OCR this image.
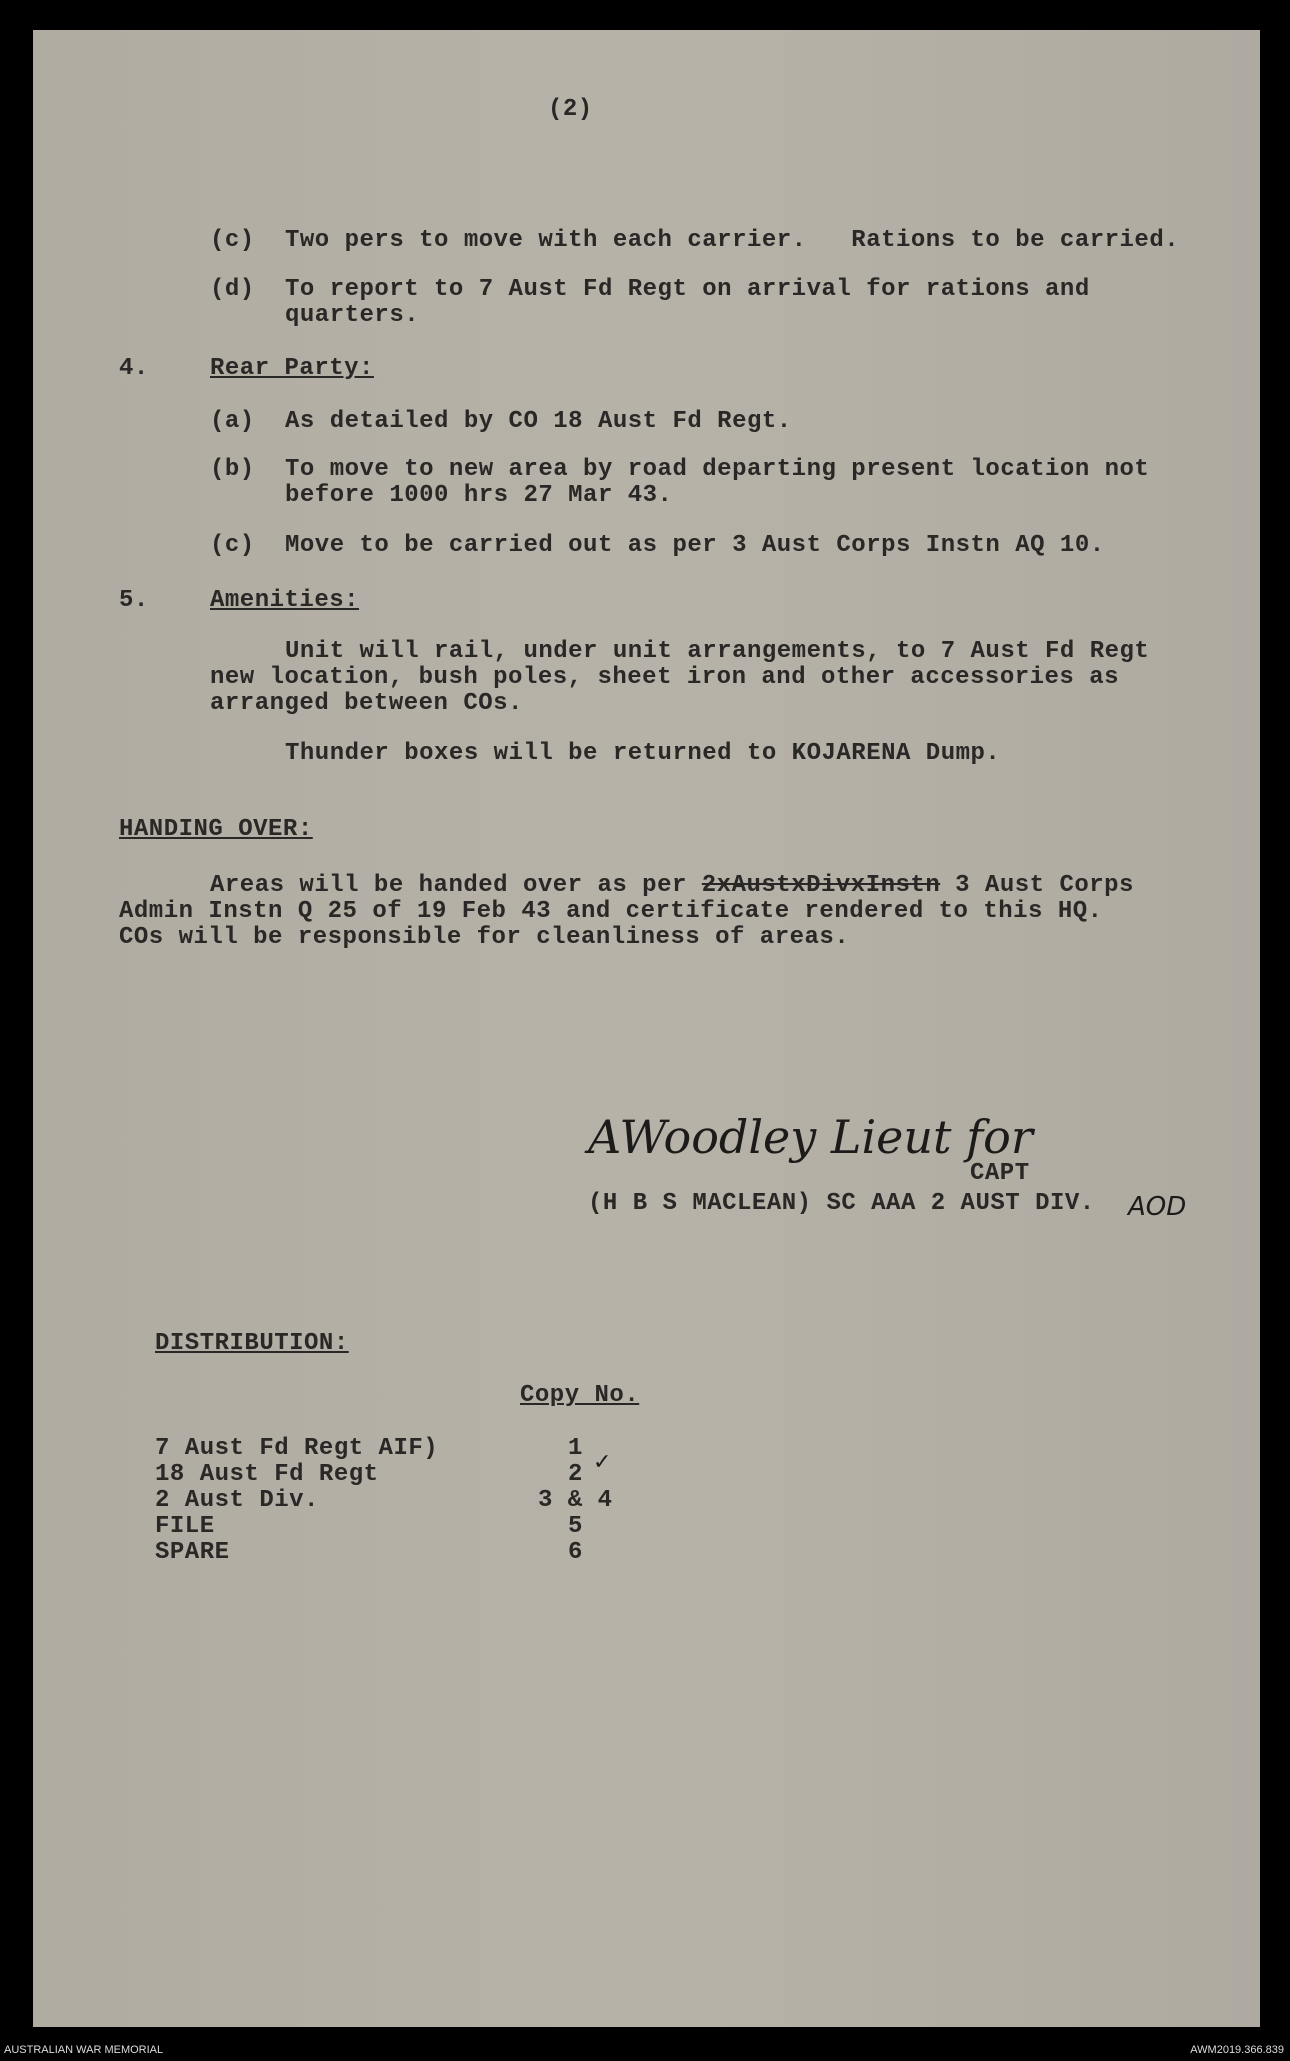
(2)
(c) Two pers to move with each carrier.   Rations to be carried.
(d) To report to 7 Aust Fd Regt on arrival for rations and
quarters.
4.	Rear Party:
(a) As detailed by CO 18 Aust Fd Regt.
(b) To move to new area by road departing present location not
before 1000 hrs 27 Mar 43.
(c) Move to be carried out as per 3 Aust Corps Instn AQ 10.
5.	Amenities:
Unit will rail, under unit arrangements, to 7 Aust Fd Regt
new location, bush poles, sheet iron and other accessories as
arranged between COs.
Thunder boxes will be returned to KOJARENA Dump.
HANDING OVER:
Areas will be handed over as per 2xAustxDivxInstn 3 Aust Corps
Admin Instn Q 25 of 19 Feb 43 and certificate rendered to this HQ.
COs will be responsible for cleanliness of areas.
AWoodley Lieut for
CAPT
(H B S MACLEAN) SC AAA 2 AUST DIV. AOD
DISTRIBUTION:
Copy No.
7 Aust Fd Regt AIF)	1
18 Aust Fd Regt	2 ✓
2 Aust Div.	3 & 4
FILE	5
SPARE	6
AUSTRALIAN WAR MEMORIAL	AWM2019.366.839
